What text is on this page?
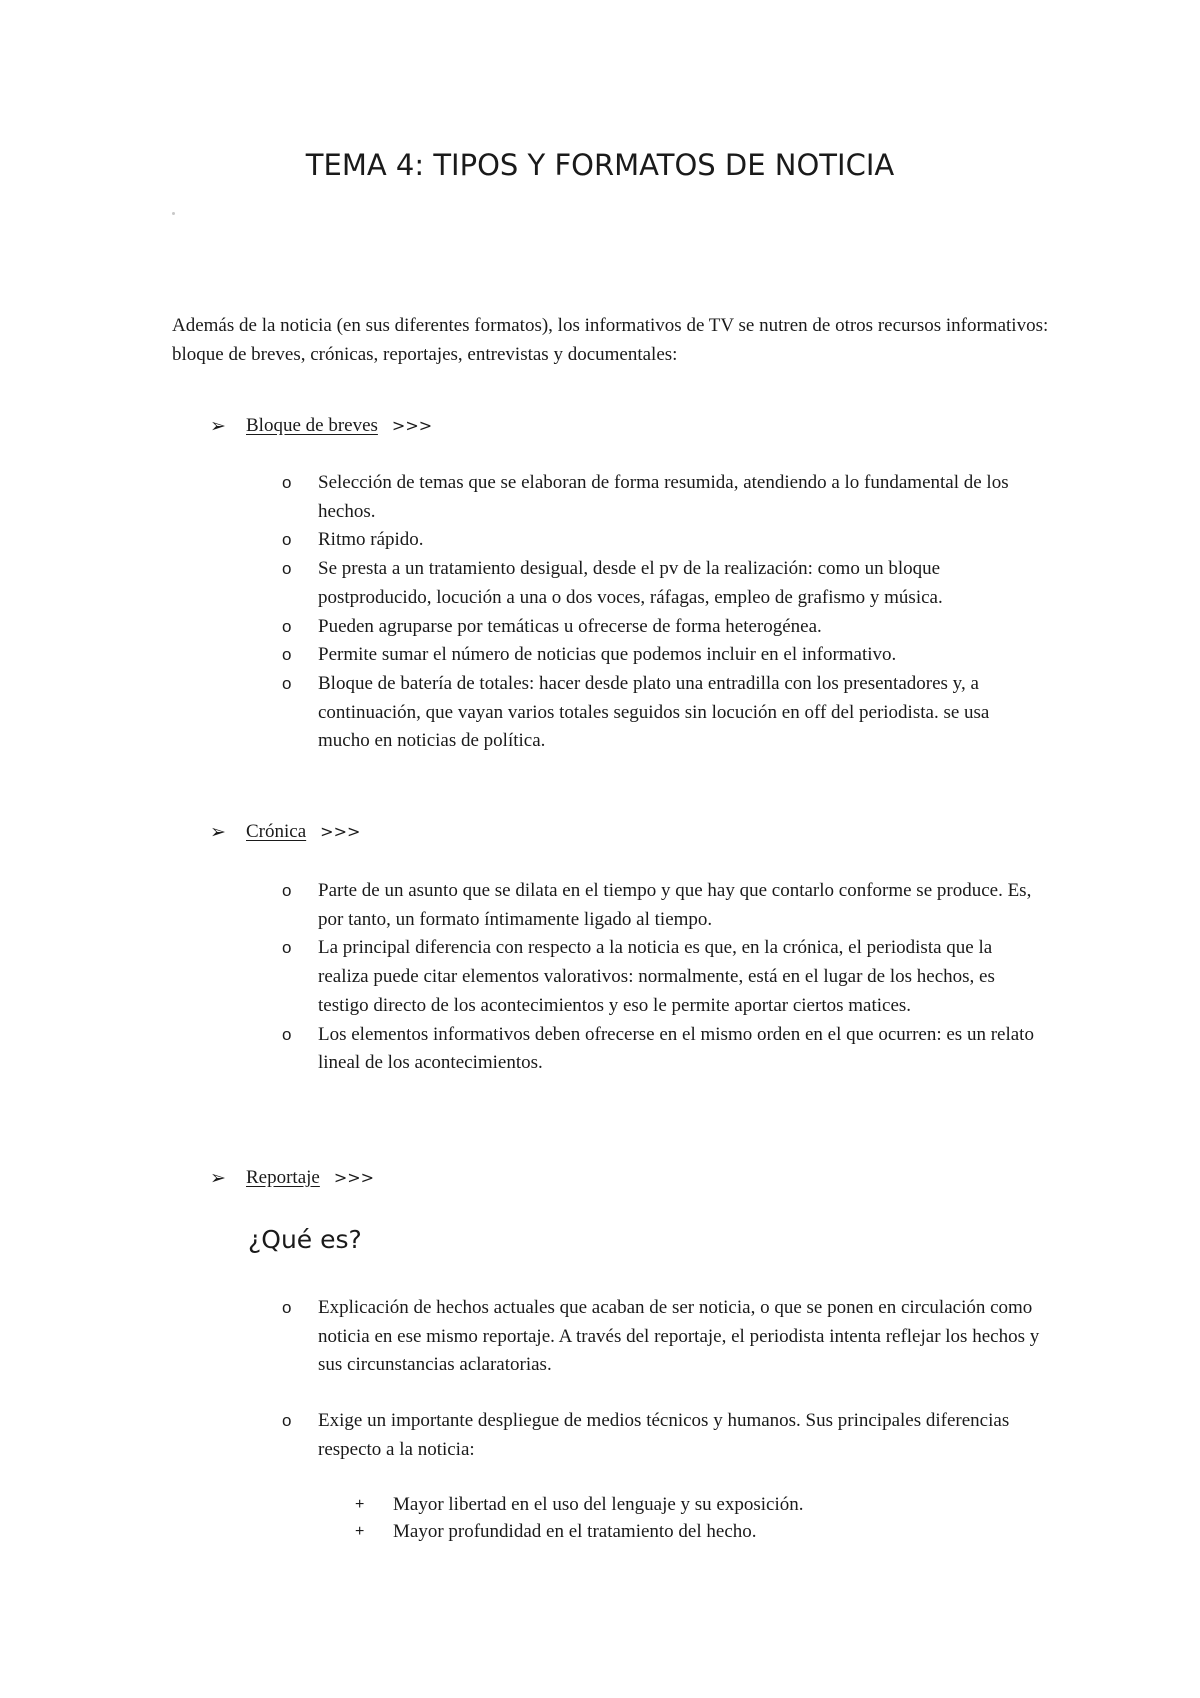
TEMA 4: TIPOS Y FORMATOS DE NOTICIA

Además de la noticia (en sus diferentes formatos), los informativos de TV se nutren de otros recursos informativos: bloque de breves, crónicas, reportajes, entrevistas y documentales:

➢	Bloque de breves >>>
o Selección de temas que se elaboran de forma resumida, atendiendo a lo fundamental de los hechos.
o Ritmo rápido.
o Se presta a un tratamiento desigual, desde el pv de la realización: como un bloque postproducido, locución a una o dos voces, ráfagas, empleo de grafismo y música.
o Pueden agruparse por temáticas u ofrecerse de forma heterogénea.
o Permite sumar el número de noticias que podemos incluir en el informativo.
o Bloque de batería de totales: hacer desde plato una entradilla con los presentadores y, a continuación, que vayan varios totales seguidos sin locución en off del periodista. se usa mucho en noticias de política.
➢	Crónica >>>
o Parte de un asunto que se dilata en el tiempo y que hay que contarlo conforme se produce. Es, por tanto, un formato íntimamente ligado al tiempo.
o La principal diferencia con respecto a la noticia es que, en la crónica, el periodista que la realiza puede citar elementos valorativos: normalmente, está en el lugar de los hechos, es testigo directo de los acontecimientos y eso le permite aportar ciertos matices.
o Los elementos informativos deben ofrecerse en el mismo orden en el que ocurren: es un relato lineal de los acontecimientos.
➢	Reportaje >>>
¿Qué es?
o Explicación de hechos actuales que acaban de ser noticia, o que se ponen en circulación como noticia en ese mismo reportaje. A través del reportaje, el periodista intenta reflejar los hechos y sus circunstancias aclaratorias.
o Exige un importante despliegue de medios técnicos y humanos. Sus principales diferencias respecto a la noticia:
+ Mayor libertad en el uso del lenguaje y su exposición.
+ Mayor profundidad en el tratamiento del hecho.
